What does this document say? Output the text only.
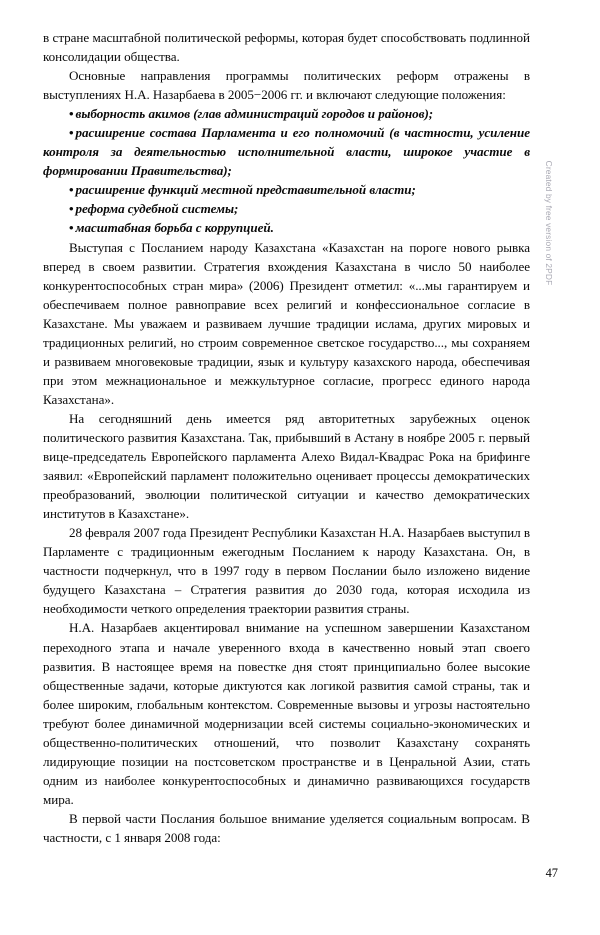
в стране масштабной политической реформы, которая будет способствовать подлинной консолидации общества.

Основные направления программы политических реформ отражены в выступлениях Н.А. Назарбаева в 2005−2006 гг. и включают следующие положения:

• выборность акимов (глав администраций городов и районов);
• расширение состава Парламента и его полномочий (в частности, усиление контроля за деятельностью исполнительной власти, широкое участие в формировании Правительства);
• расширение функций местной представительной власти;
• реформа судебной системы;
• масштабная борьба с коррупцией.

Выступая с Посланием народу Казахстана «Казахстан на пороге нового рывка вперед в своем развитии. Стратегия вхождения Казахстана в число 50 наиболее конкурентоспособных стран мира» (2006) Президент отметил: «...мы гарантируем и обеспечиваем полное равноправие всех религий и конфессиональное согласие в Казахстане. Мы уважаем и развиваем лучшие традиции ислама, других мировых и традиционных религий, но строим современное светское государство..., мы сохраняем и развиваем многовековые традиции, язык и культуру казахского народа, обеспечивая при этом межнациональное и межкультурное согласие, прогресс единого народа Казахстана».

На сегодняшний день имеется ряд авторитетных зарубежных оценок политического развития Казахстана. Так, прибывший в Астану в ноябре 2005 г. первый вице-председатель Европейского парламента Алехо Видал-Квадрас Рока на брифинге заявил: «Европейский парламент положительно оценивает процессы демократических преобразований, эволюции политической ситуации и качество демократических институтов в Казахстане».

28 февраля 2007 года Президент Республики Казахстан Н.А. Назарбаев выступил в Парламенте с традиционным ежегодным Посланием к народу Казахстана. Он, в частности подчеркнул, что в 1997 году в первом Послании было изложено видение будущего Казахстана – Стратегия развития до 2030 года, которая исходила из необходимости четкого определения траектории развития страны.

Н.А. Назарбаев акцентировал внимание на успешном завершении Казахстаном переходного этапа и начале уверенного входа в качественно новый этап своего развития. В настоящее время на повестке дня стоят принципиально более высокие общественные задачи, которые диктуются как логикой развития самой страны, так и более широким, глобальным контекстом. Современные вызовы и угрозы настоятельно требуют более динамичной модернизации всей системы социально-экономических и общественно-политических отношений, что позволит Казахстану сохранять лидирующие позиции на постсоветском пространстве и в Ценральной Азии, стать одним из наиболее конкурентоспособных и динамично развивающихся государств мира.

В первой части Послания большое внимание уделяется социальным вопросам. В частности, с 1 января 2008 года:

Created by free version of 2PDF
47
